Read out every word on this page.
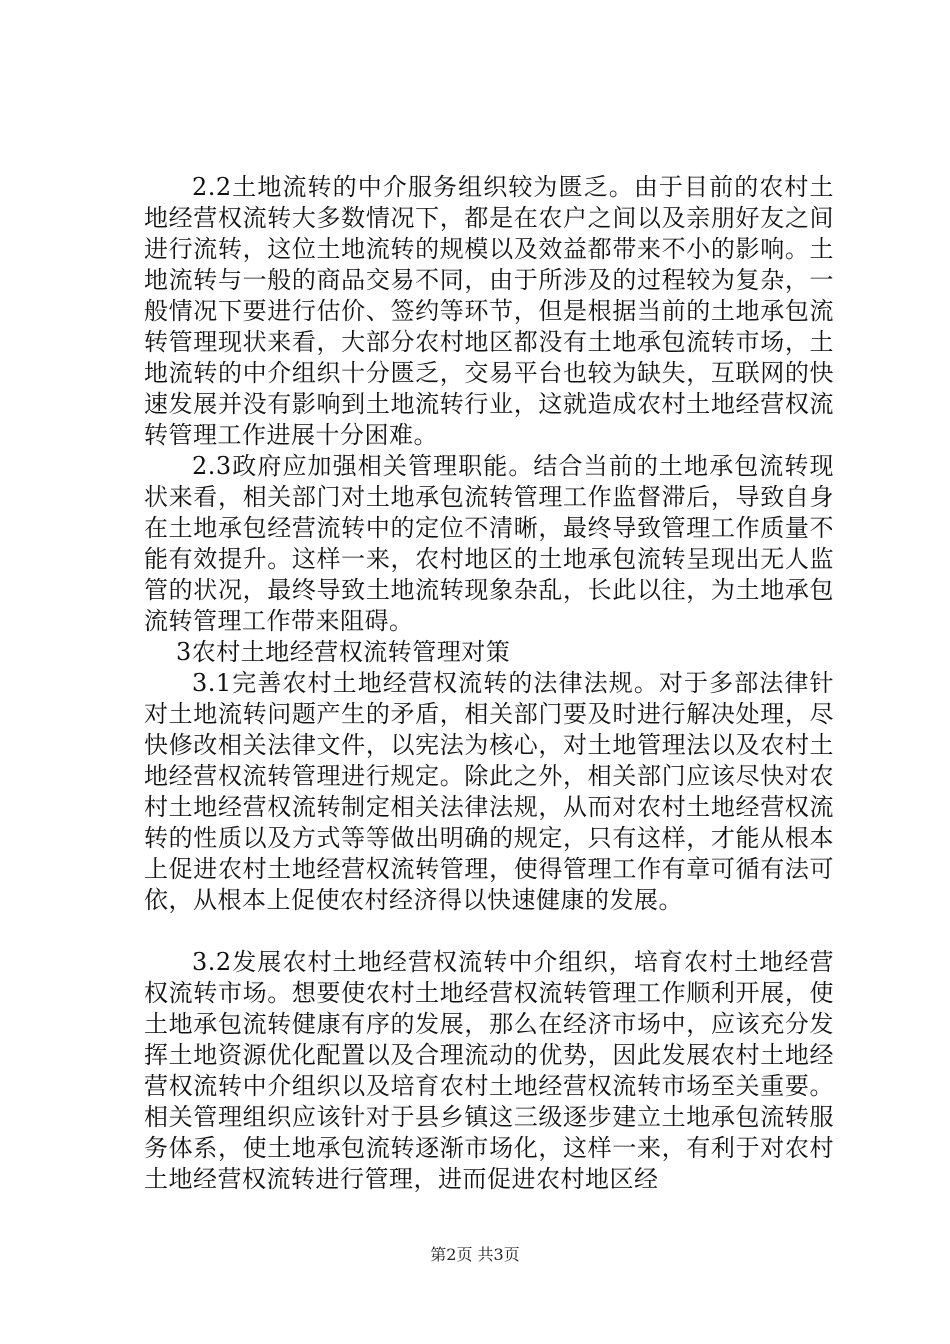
2.2土地流转的中介服务组织较为匮乏。由于目前的农村土地经营权流转大多数情况下，都是在农户之间以及亲朋好友之间进行流转，这位土地流转的规模以及效益都带来不小的影响。土地流转与一般的商品交易不同，由于所涉及的过程较为复杂，一般情况下要进行估价、签约等环节，但是根据当前的土地承包流转管理现状来看，大部分农村地区都没有土地承包流转市场，土地流转的中介组织十分匮乏，交易平台也较为缺失，互联网的快速发展并没有影响到土地流转行业，这就造成农村土地经营权流转管理工作进展十分困难。

2.3政府应加强相关管理职能。结合当前的土地承包流转现状来看，相关部门对土地承包流转管理工作监督滞后，导致自身在土地承包经营流转中的定位不清晰，最终导致管理工作质量不能有效提升。这样一来，农村地区的土地承包流转呈现出无人监管的状况，最终导致土地流转现象杂乱，长此以往，为土地承包流转管理工作带来阻碍。

3农村土地经营权流转管理对策

3.1完善农村土地经营权流转的法律法规。对于多部法律针对土地流转问题产生的矛盾，相关部门要及时进行解决处理，尽快修改相关法律文件，以宪法为核心，对土地管理法以及农村土地经营权流转管理进行规定。除此之外，相关部门应该尽快对农村土地经营权流转制定相关法律法规，从而对农村土地经营权流转的性质以及方式等等做出明确的规定，只有这样，才能从根本上促进农村土地经营权流转管理，使得管理工作有章可循有法可依，从根本上促使农村经济得以快速健康的发展。

3.2发展农村土地经营权流转中介组织，培育农村土地经营权流转市场。想要使农村土地经营权流转管理工作顺利开展，使土地承包流转健康有序的发展，那么在经济市场中，应该充分发挥土地资源优化配置以及合理流动的优势，因此发展农村土地经营权流转中介组织以及培育农村土地经营权流转市场至关重要。相关管理组织应该针对于县乡镇这三级逐步建立土地承包流转服务体系，使土地承包流转逐渐市场化，这样一来，有利于对农村土地经营权流转进行管理，进而促进农村地区经

第2页 共3页
